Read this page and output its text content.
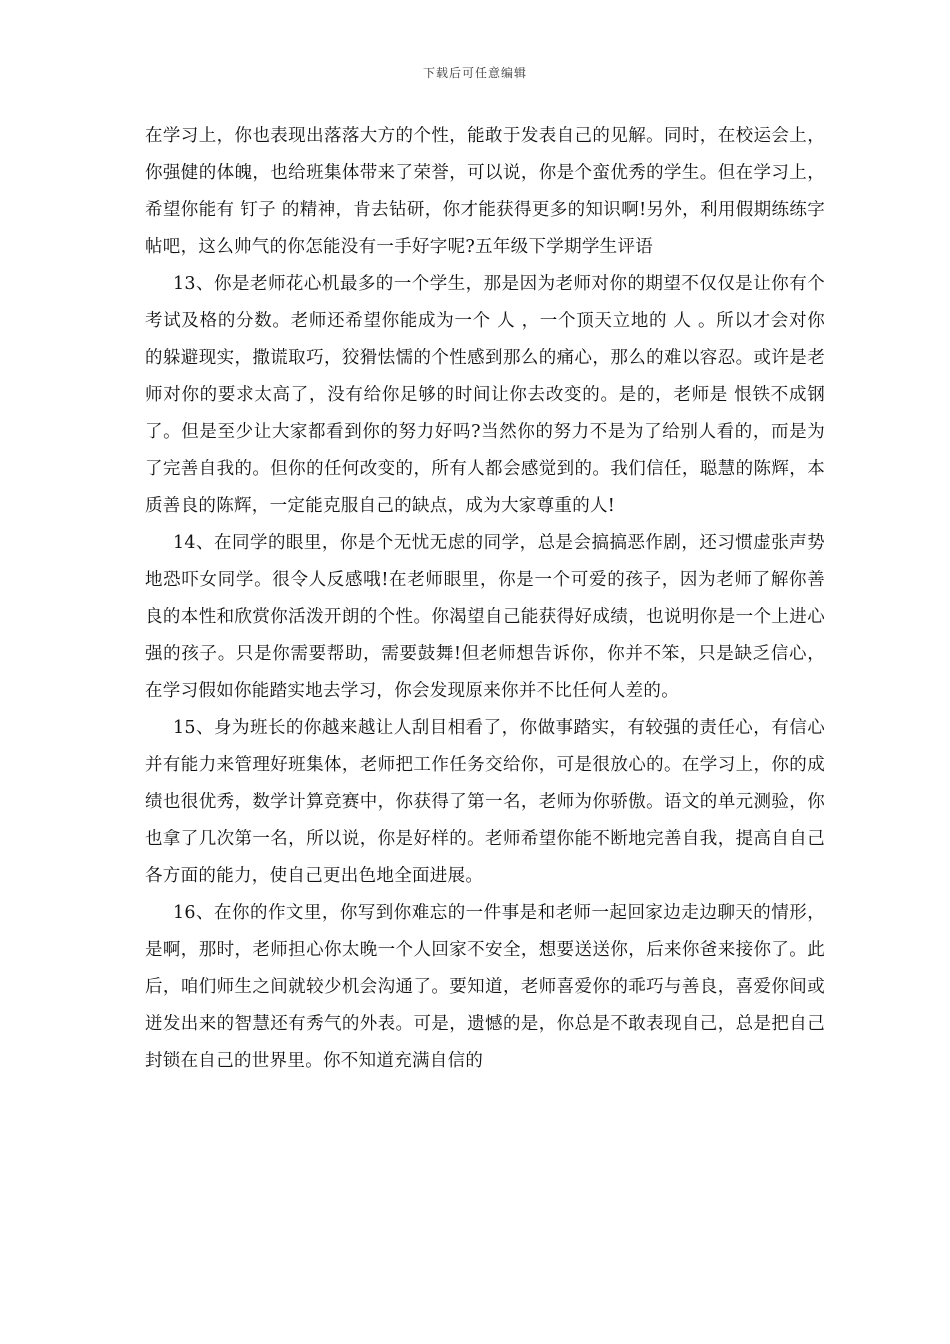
下载后可任意编辑

在学习上，你也表现出落落大方的个性，能敢于发表自己的见解。同时，在校运会上，你强健的体魄，也给班集体带来了荣誉，可以说，你是个蛮优秀的学生。但在学习上，希望你能有 钉子 的精神，肯去钻研，你才能获得更多的知识啊!另外，利用假期练练字帖吧，这么帅气的你怎能没有一手好字呢?五年级下学期学生评语

13、你是老师花心机最多的一个学生，那是因为老师对你的期望不仅仅是让你有个考试及格的分数。老师还希望你能成为一个 人 ，一个顶天立地的 人 。所以才会对你的躲避现实，撒谎取巧，狡猾怯懦的个性感到那么的痛心，那么的难以容忍。或许是老师对你的要求太高了，没有给你足够的时间让你去改变的。是的，老师是 恨铁不成钢 了。但是至少让大家都看到你的努力好吗?当然你的努力不是为了给别人看的，而是为了完善自我的。但你的任何改变的，所有人都会感觉到的。我们信任，聪慧的陈辉，本质善良的陈辉，一定能克服自己的缺点，成为大家尊重的人!

14、在同学的眼里，你是个无忧无虑的同学，总是会搞搞恶作剧，还习惯虚张声势地恐吓女同学。很令人反感哦!在老师眼里，你是一个可爱的孩子，因为老师了解你善良的本性和欣赏你活泼开朗的个性。你渴望自己能获得好成绩，也说明你是一个上进心强的孩子。只是你需要帮助，需要鼓舞!但老师想告诉你，你并不笨，只是缺乏信心，在学习假如你能踏实地去学习，你会发现原来你并不比任何人差的。

15、身为班长的你越来越让人刮目相看了，你做事踏实，有较强的责任心，有信心并有能力来管理好班集体，老师把工作任务交给你，可是很放心的。在学习上，你的成绩也很优秀，数学计算竞赛中，你获得了第一名，老师为你骄傲。语文的单元测验，你也拿了几次第一名，所以说，你是好样的。老师希望你能不断地完善自我，提高自自己各方面的能力，使自己更出色地全面进展。

16、在你的作文里，你写到你难忘的一件事是和老师一起回家边走边聊天的情形，是啊，那时，老师担心你太晚一个人回家不安全，想要送送你，后来你爸来接你了。此后，咱们师生之间就较少机会沟通了。要知道，老师喜爱你的乖巧与善良，喜爱你间或迸发出来的智慧还有秀气的外表。可是，遗憾的是，你总是不敢表现自己，总是把自己封锁在自己的世界里。你不知道充满自信的
